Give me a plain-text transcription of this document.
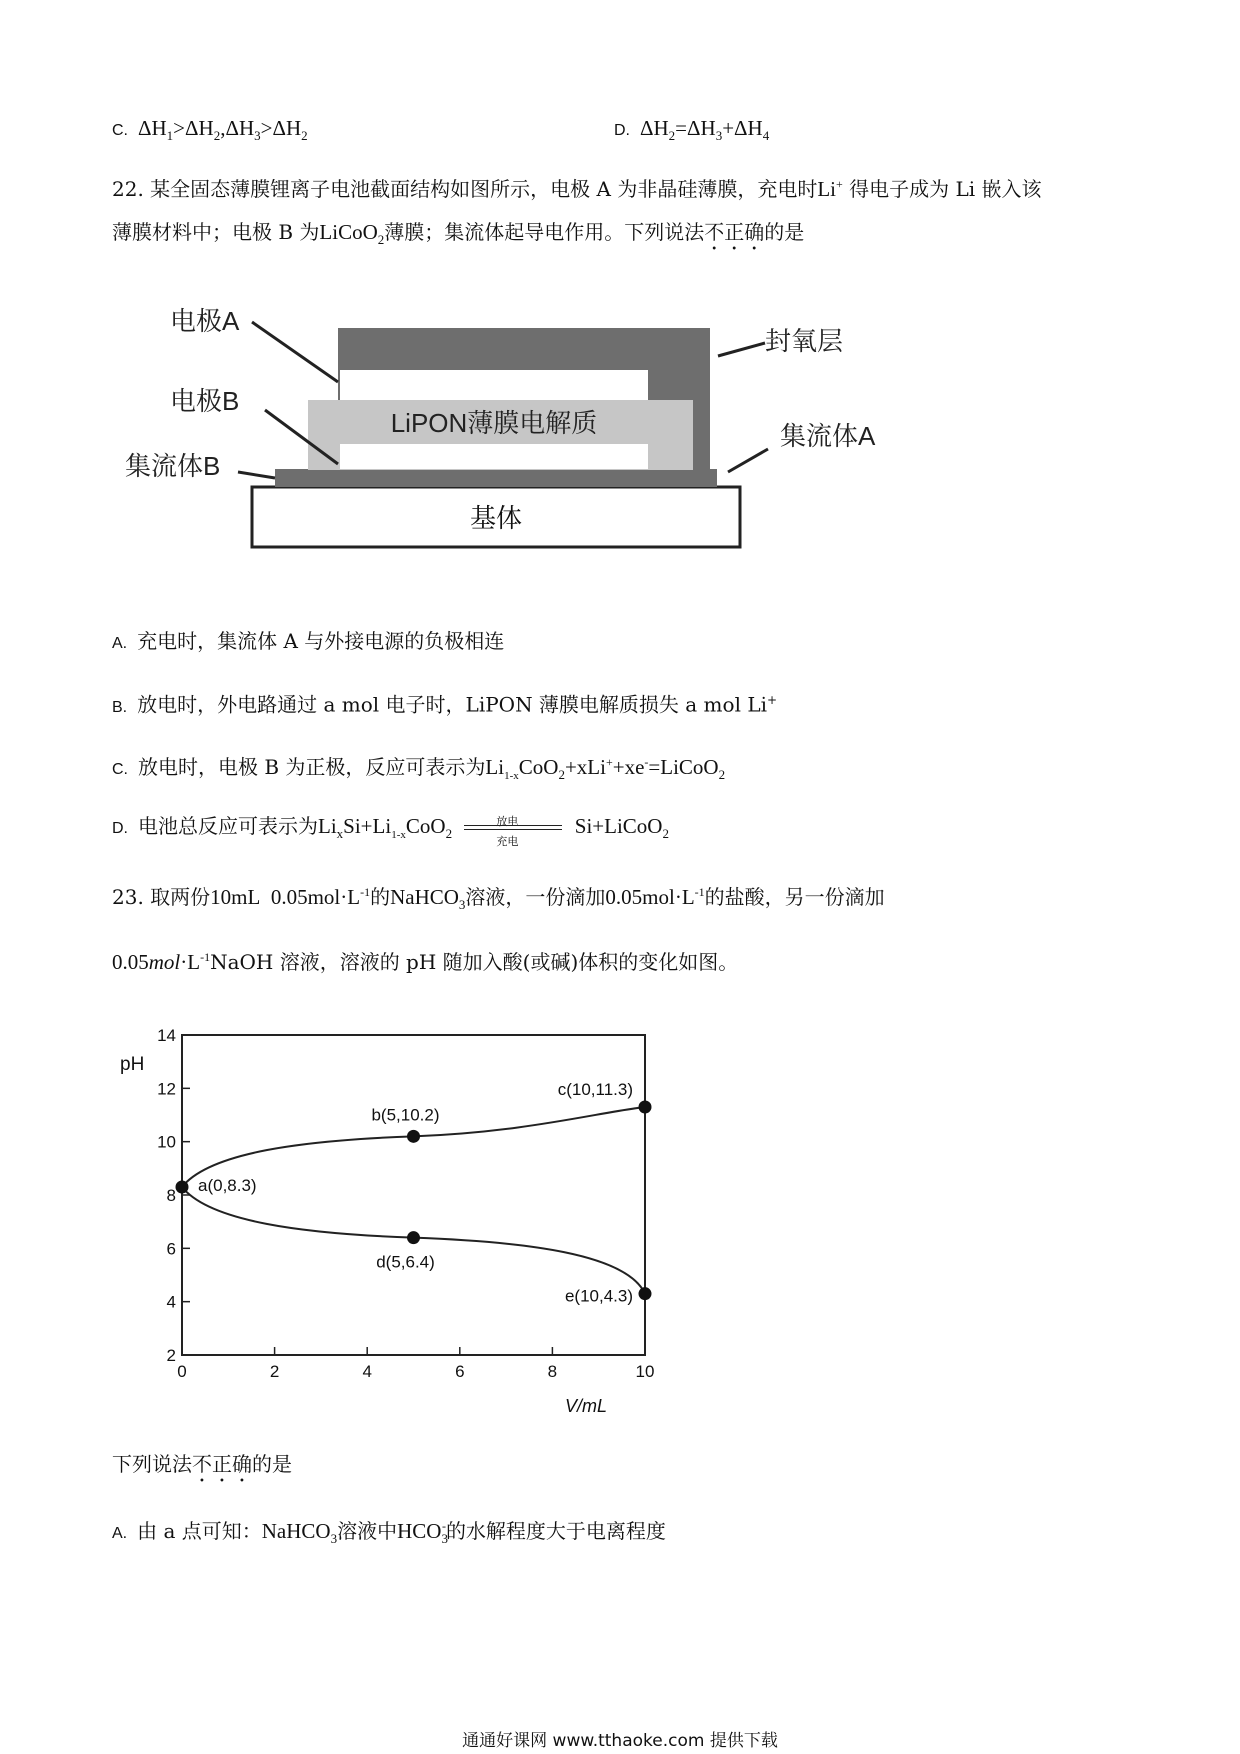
C. $\Delta H_1>\Delta H_2,\Delta H_3>\Delta H_2$	D. $\Delta H_2=\Delta H_3+\Delta H_4$
22. 某全固态薄膜锂离子电池截面结构如图所示，电极 A 为非晶硅薄膜，充电时Li+ 得电子成为 Li 嵌入该
薄膜材料中；电极 B 为LiCoO$_2$薄膜；集流体起导电作用。下列说法不正确的是
基体
LiPON薄膜电解质
电极A
电极B
集流体B
封氧层
集流体A
A. 充电时，集流体 A 与外接电源的负极相连
B. 放电时，外电路通过 a mol 电子时，LiPON 薄膜电解质损失 a mol Li+
C. 放电时，电极 B 为正极，反应可表示为$Li_{1-x}CoO_2+xLi^++xe^-=LiCoO_2$
D. 电池总反应可表示为$Li_xSi+Li_{1-x}CoO_2$
放电
充电
Si+LiCoO$_2$
23. 取两份10mL  $0.05mol\cdot L^{-1}$的NaHCO$_3$溶液，一份滴加$0.05mol\cdot L^{-1}$的盐酸，另一份滴加
$0.05mol\cdot L^{-1}NaOH$ 溶液，溶液的 pH 随加入酸(或碱)体积的变化如图。
pH
V/mL
0	2	4	6	8	10
2
4
6
8
10
12
14
a(0,8.3)
b(5,10.2)
c(10,11.3)
d(5,6.4)
e(10,4.3)
下列说法不正确的是
A. 由 a 点可知：NaHCO$_3$溶液中$HCO_3^-$的水解程度大于电离程度
通通好课网 www.tthaoke.com 提供下载
